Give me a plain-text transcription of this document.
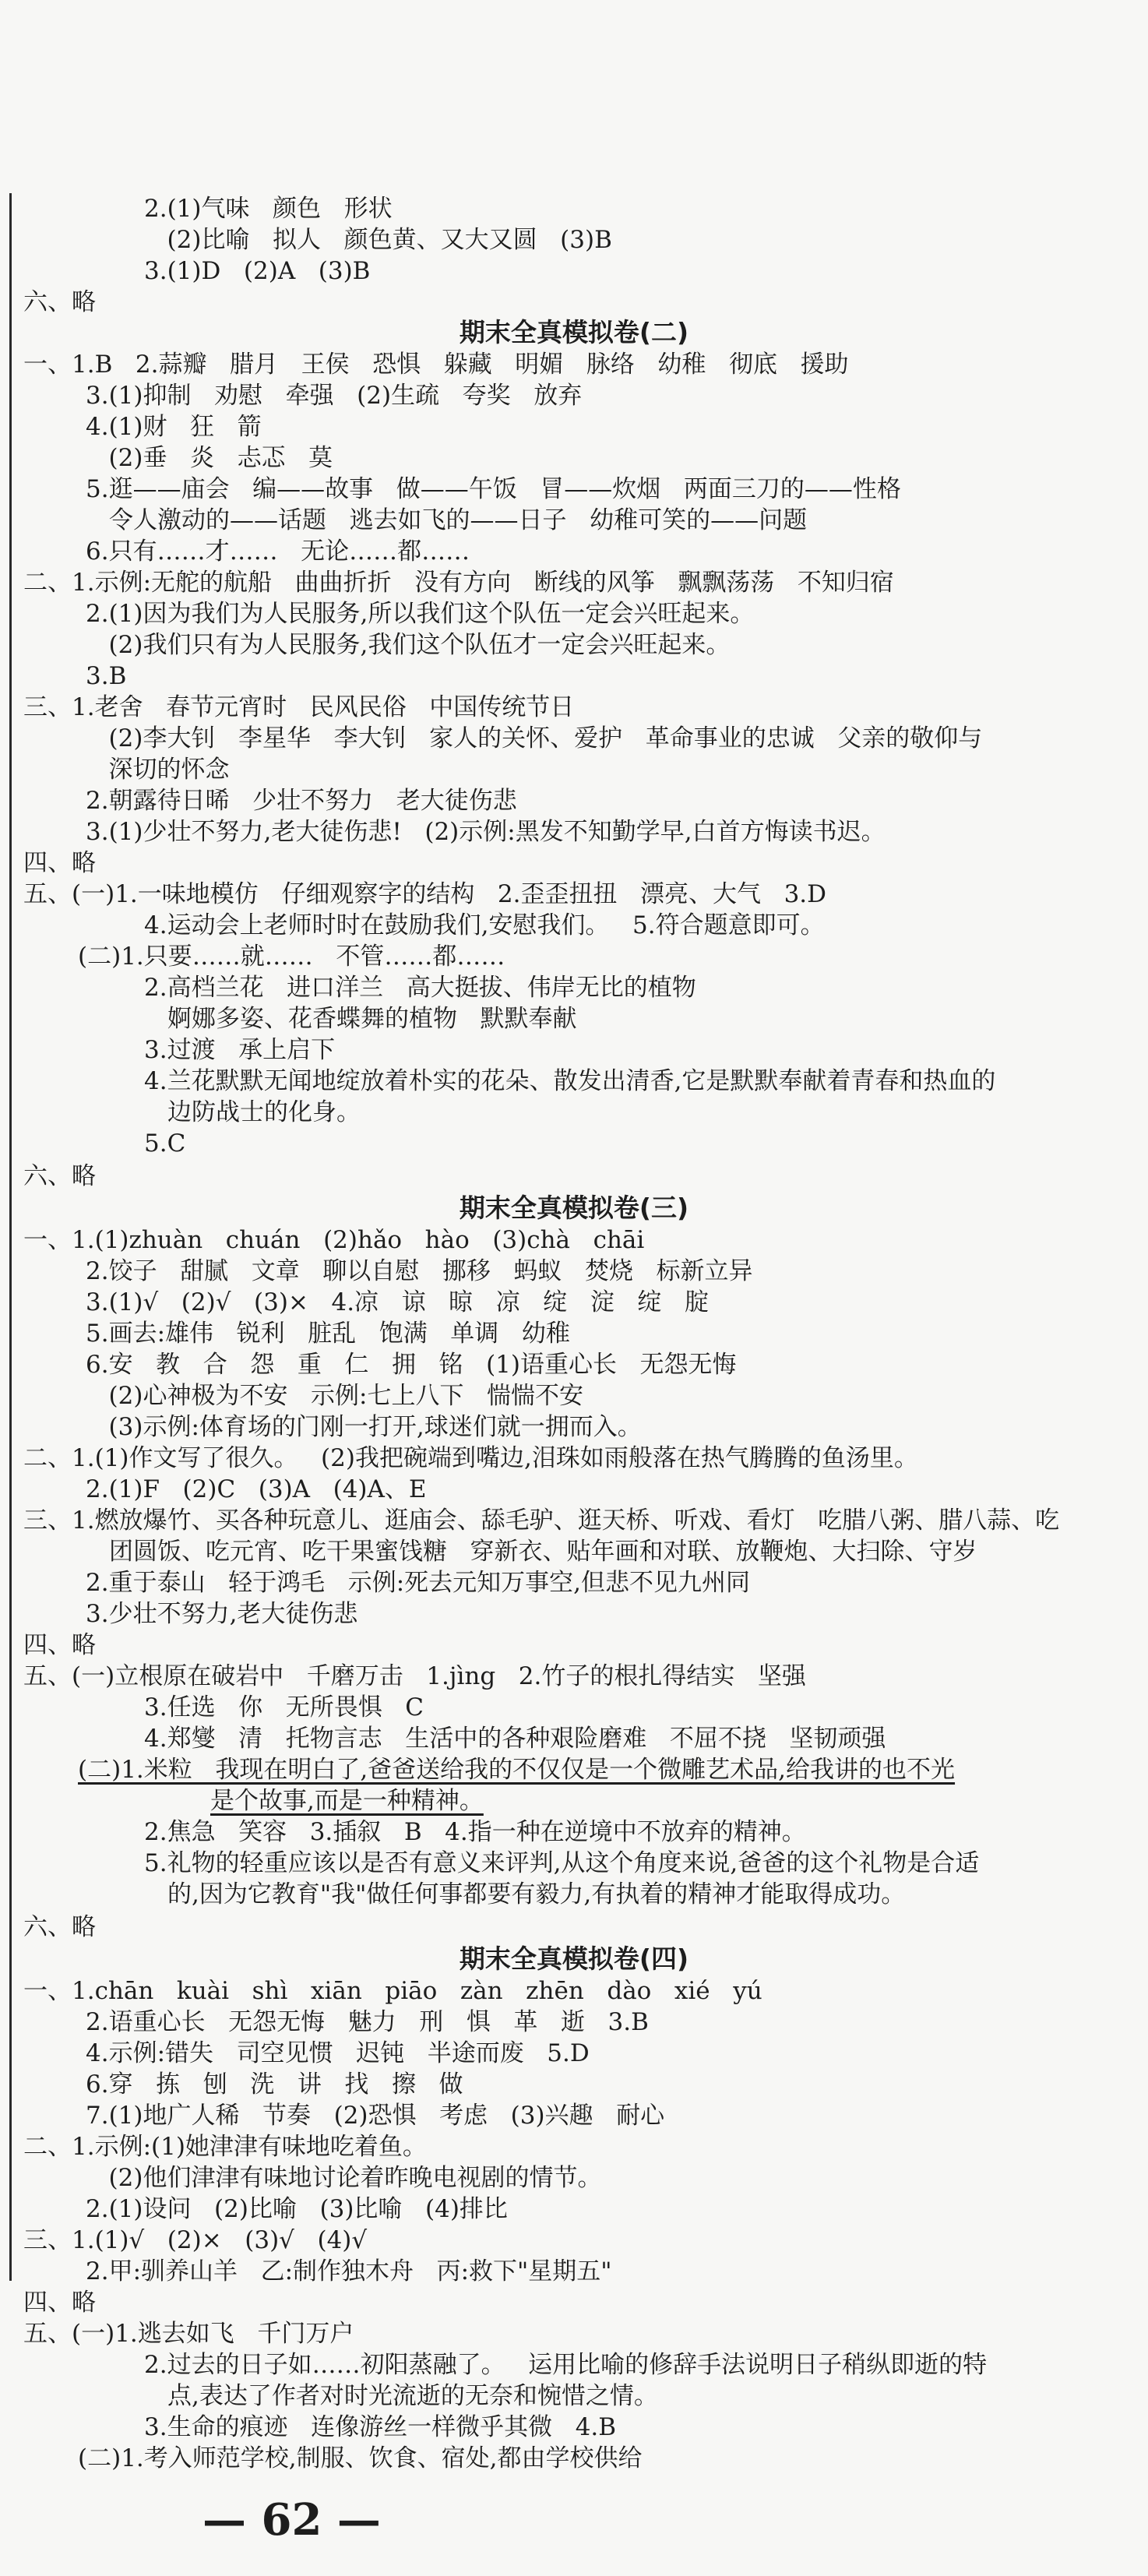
2.(1)气味   颜色   形状
(2)比喻   拟人   颜色黄、又大又圆   (3)B
3.(1)D   (2)A   (3)B
六、略
期末全真模拟卷(二)
一、1.B   2.蒜瓣   腊月   王侯   恐惧   躲藏   明媚   脉络   幼稚   彻底   援助
3.(1)抑制   劝慰   牵强   (2)生疏   夸奖   放弃
4.(1)财   狂   箭
(2)垂   炎   忐忑   莫
5.逛——庙会   编——故事   做——午饭   冒——炊烟   两面三刀的——性格
令人激动的——话题   逃去如飞的——日子   幼稚可笑的——问题
6.只有……才……   无论……都……
二、1.示例:无舵的航船   曲曲折折   没有方向   断线的风筝   飘飘荡荡   不知归宿
2.(1)因为我们为人民服务,所以我们这个队伍一定会兴旺起来。
(2)我们只有为人民服务,我们这个队伍才一定会兴旺起来。
3.B
三、1.老舍   春节元宵时   民风民俗   中国传统节日
(2)李大钊   李星华   李大钊   家人的关怀、爱护   革命事业的忠诚   父亲的敬仰与
深切的怀念
2.朝露待日晞   少壮不努力   老大徒伤悲
3.(1)少壮不努力,老大徒伤悲!   (2)示例:黑发不知勤学早,白首方悔读书迟。
四、略
五、(一)1.一味地模仿   仔细观察字的结构   2.歪歪扭扭   漂亮、大气   3.D
4.运动会上老师时时在鼓励我们,安慰我们。   5.符合题意即可。
(二)1.只要……就……   不管……都……
2.高档兰花   进口洋兰   高大挺拔、伟岸无比的植物
婀娜多姿、花香蝶舞的植物   默默奉献
3.过渡   承上启下
4.兰花默默无闻地绽放着朴实的花朵、散发出清香,它是默默奉献着青春和热血的
边防战士的化身。
5.C
六、略
期末全真模拟卷(三)
一、1.(1)zhuàn   chuán   (2)hǎo   hào   (3)chà   chāi
2.饺子   甜腻   文章   聊以自慰   挪移   蚂蚁   焚烧   标新立异
3.(1)√   (2)√   (3)×   4.凉   谅   晾   凉   绽   淀   绽   腚
5.画去:雄伟   锐利   脏乱   饱满   单调   幼稚
6.安   教   合   怨   重   仁   拥   铭   (1)语重心长   无怨无悔
(2)心神极为不安   示例:七上八下   惴惴不安
(3)示例:体育场的门刚一打开,球迷们就一拥而入。
二、1.(1)作文写了很久。   (2)我把碗端到嘴边,泪珠如雨般落在热气腾腾的鱼汤里。
2.(1)F   (2)C   (3)A   (4)A、E
三、1.燃放爆竹、买各种玩意儿、逛庙会、舔毛驴、逛天桥、听戏、看灯   吃腊八粥、腊八蒜、吃
团圆饭、吃元宵、吃干果蜜饯糖   穿新衣、贴年画和对联、放鞭炮、大扫除、守岁
2.重于泰山   轻于鸿毛   示例:死去元知万事空,但悲不见九州同
3.少壮不努力,老大徒伤悲
四、略
五、(一)立根原在破岩中   千磨万击   1.jìng   2.竹子的根扎得结实   坚强
3.任选   你   无所畏惧   C
4.郑燮   清   托物言志   生活中的各种艰险磨难   不屈不挠   坚韧顽强
(二)1.米粒   我现在明白了,爸爸送给我的不仅仅是一个微雕艺术品,给我讲的也不光
是个故事,而是一种精神。
2.焦急   笑容   3.插叙   B   4.指一种在逆境中不放弃的精神。
5.礼物的轻重应该以是否有意义来评判,从这个角度来说,爸爸的这个礼物是合适
的,因为它教育"我"做任何事都要有毅力,有执着的精神才能取得成功。
六、略
期末全真模拟卷(四)
一、1.chān   kuài   shì   xiān   piāo   zàn   zhēn   dào   xié   yú
2.语重心长   无怨无悔   魅力   刑   惧   革   逝   3.B
4.示例:错失   司空见惯   迟钝   半途而废   5.D
6.穿   拣   刨   洗   讲   找   擦   做
7.(1)地广人稀   节奏   (2)恐惧   考虑   (3)兴趣   耐心
二、1.示例:(1)她津津有味地吃着鱼。
(2)他们津津有味地讨论着昨晚电视剧的情节。
2.(1)设问   (2)比喻   (3)比喻   (4)排比
三、1.(1)√   (2)×   (3)√   (4)√
2.甲:驯养山羊   乙:制作独木舟   丙:救下"星期五"
四、略
五、(一)1.逃去如飞   千门万户
2.过去的日子如……初阳蒸融了。   运用比喻的修辞手法说明日子稍纵即逝的特
点,表达了作者对时光流逝的无奈和惋惜之情。
3.生命的痕迹   连像游丝一样微乎其微   4.B
(二)1.考入师范学校,制服、饮食、宿处,都由学校供给
— 62 —
